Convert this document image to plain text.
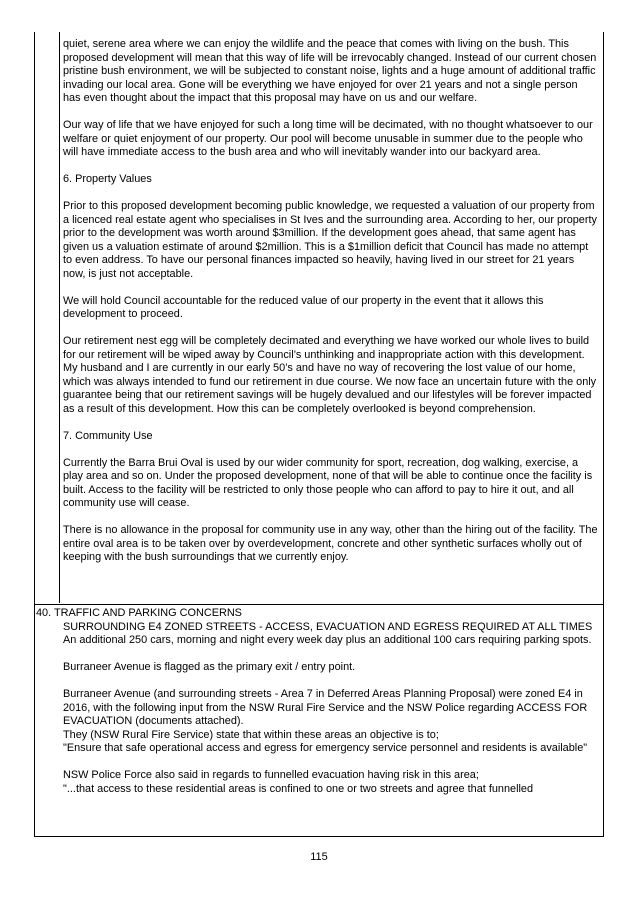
quiet, serene area where we can enjoy the wildlife and the peace that comes with living on the bush. This proposed development will mean that this way of life will be irrevocably changed. Instead of our current chosen pristine bush environment, we will be subjected to constant noise, lights and a huge amount of additional traffic invading our local area. Gone will be everything we have enjoyed for over 21 years and not a single person has even thought about the impact that this proposal may have on us and our welfare.

Our way of life that we have enjoyed for such a long time will be decimated, with no thought whatsoever to our welfare or quiet enjoyment of our property. Our pool will become unusable in summer due to the people who will have immediate access to the bush area and who will inevitably wander into our backyard area.

6. Property Values

Prior to this proposed development becoming public knowledge, we requested a valuation of our property from a licenced real estate agent who specialises in St Ives and the surrounding area. According to her, our property prior to the development was worth around $3million. If the development goes ahead, that same agent has given us a valuation estimate of around $2million. This is a $1million deficit that Council has made no attempt to even address. To have our personal finances impacted so heavily, having lived in our street for 21 years now, is just not acceptable.

We will hold Council accountable for the reduced value of our property in the event that it allows this development to proceed.

Our retirement nest egg will be completely decimated and everything we have worked our whole lives to build for our retirement will be wiped away by Council’s unthinking and inappropriate action with this development. My husband and I are currently in our early 50’s and have no way of recovering the lost value of our home, which was always intended to fund our retirement in due course. We now face an uncertain future with the only guarantee being that our retirement savings will be hugely devalued and our lifestyles will be forever impacted as a result of this development. How this can be completely overlooked is beyond comprehension.

7. Community Use

Currently the Barra Brui Oval is used by our wider community for sport, recreation, dog walking, exercise, a play area and so on. Under the proposed development, none of that will be able to continue once the facility is built. Access to the facility will be restricted to only those people who can afford to pay to hire it out, and all community use will cease.

There is no allowance in the proposal for community use in any way, other than the hiring out of the facility. The entire oval area is to be taken over by overdevelopment, concrete and other synthetic surfaces wholly out of keeping with the bush surroundings that we currently enjoy.

40. TRAFFIC AND PARKING CONCERNS
SURROUNDING E4 ZONED STREETS - ACCESS, EVACUATION AND EGRESS REQUIRED AT ALL TIMES

An additional 250 cars, morning and night every week day plus an additional 100 cars requiring parking spots.

Burraneer Avenue is flagged as the primary exit / entry point.

Burraneer Avenue (and surrounding streets - Area 7 in Deferred Areas Planning Proposal) were zoned E4 in 2016, with the following input from the NSW Rural Fire Service and the NSW Police regarding ACCESS FOR EVACUATION (documents attached).

They (NSW Rural Fire Service) state that within these areas an objective is to;

"Ensure that safe operational access and egress for emergency service personnel and residents is available"

NSW Police Force also said in regards to funnelled evacuation having risk in this area;

"...that access to these residential areas is confined to one or two streets and agree that funnelled

115
